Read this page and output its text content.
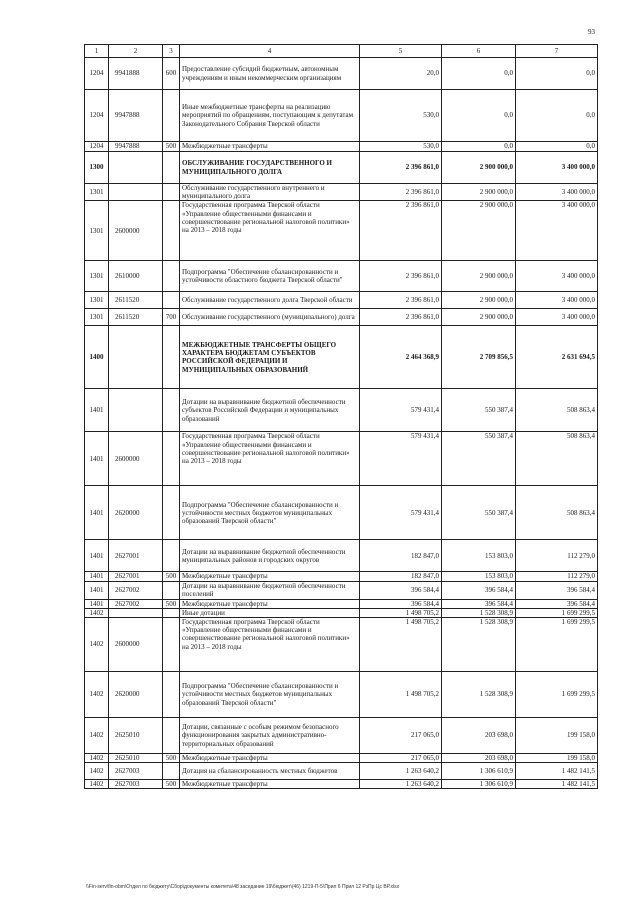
93
1	2	3	4	5	6	7
1204	9941888	600	Предоставление субсидий бюджетным, автономным учреждениям и иным некоммерческим организациям	20,0	0,0	0,0
1204	9947888		Иные межбюджетные трансферты на реализацию мероприятий по обращениям, поступающим к депутатам Законодательного Собрания Тверской области	530,0	0,0	0,0
1204	9947888	500	Межбюджетные трансферты	530,0	0,0	0,0
1300			ОБСЛУЖИВАНИЕ ГОСУДАРСТВЕННОГО И МУНИЦИПАЛЬНОГО ДОЛГА	2 396 861,0	2 900 000,0	3 400 000,0
1301			Обслуживание государственного внутреннего и муниципального долга	2 396 861,0	2 900 000,0	3 400 000,0
1301	2600000		Государственная программа Тверской области «Управление общественными финансами и совершенствование региональной налоговой политики» на 2013 – 2018 годы	2 396 861,0	2 900 000,0	3 400 000,0
1301	2610000		Подпрограмма "Обеспечение сбалансированности и устойчивости областного бюджета Тверской области"	2 396 861,0	2 900 000,0	3 400 000,0
1301	2611520		Обслуживание государственного долга Тверской области	2 396 861,0	2 900 000,0	3 400 000,0
1301	2611520	700	Обслуживание государственного (муниципального) долга	2 396 861,0	2 900 000,0	3 400 000,0
1400			МЕЖБЮДЖЕТНЫЕ ТРАНСФЕРТЫ ОБЩЕГО ХАРАКТЕРА БЮДЖЕТАМ СУБЪЕКТОВ РОССИЙСКОЙ ФЕДЕРАЦИИ И МУНИЦИПАЛЬНЫХ ОБРАЗОВАНИЙ	2 464 368,9	2 709 856,5	2 631 694,5
1401			Дотации на выравнивание бюджетной обеспеченности субъектов Российской Федерации и муниципальных образований	579 431,4	550 387,4	508 863,4
1401	2600000		Государственная программа Тверской области «Управление общественными финансами и совершенствование региональной налоговой политики» на 2013 – 2018 годы	579 431,4	550 387,4	508 863,4
1401	2620000		Подпрограмма "Обеспечение сбалансированности и устойчивости местных бюджетов муниципальных образований Тверской области"	579 431,4	550 387,4	508 863,4
1401	2627001		Дотации на выравнивание бюджетной обеспеченности муниципальных районов и городских округов	182 847,0	153 803,0	112 279,0
1401	2627001	500	Межбюджетные трансферты	182 847,0	153 803,0	112 279,0
1401	2627002		Дотации на выравнивание бюджетной обеспеченности поселений	396 584,4	396 584,4	396 584,4
1401	2627002	500	Межбюджетные трансферты	396 584,4	396 584,4	396 584,4
1402			Иные дотации	1 498 705,2	1 528 308,9	1 699 299,5
1402	2600000		Государственная программа Тверской области «Управление общественными финансами и совершенствование региональной налоговой политики» на 2013 – 2018 годы	1 498 705,2	1 528 308,9	1 699 299,5
1402	2620000		Подпрограмма "Обеспечение сбалансированности и устойчивости местных бюджетов муниципальных образований Тверской области"	1 498 705,2	1 528 308,9	1 699 299,5
1402	2625010		Дотации, связанные с особым режимом безопасного функционирования закрытых административно-территориальных образований	217 065,0	203 698,0	199 158,0
1402	2625010	500	Межбюджетные трансферты	217 065,0	203 698,0	199 158,0
1402	2627003		Дотация на сбалансированность местных бюджетов	1 263 640,2	1 306 610,9	1 482 141,5
1402	2627003	500	Межбюджетные трансферты	1 263 640,2	1 306 610,9	1 482 141,5
\\Fin-serv\fin-obm\Отдел по бюджету\Сбор\документы комитета\48 заседание 19\бюджет\(46) 1219-П-5\Прил 6 Прил 12 РзПр Цс ВР.xlsx
